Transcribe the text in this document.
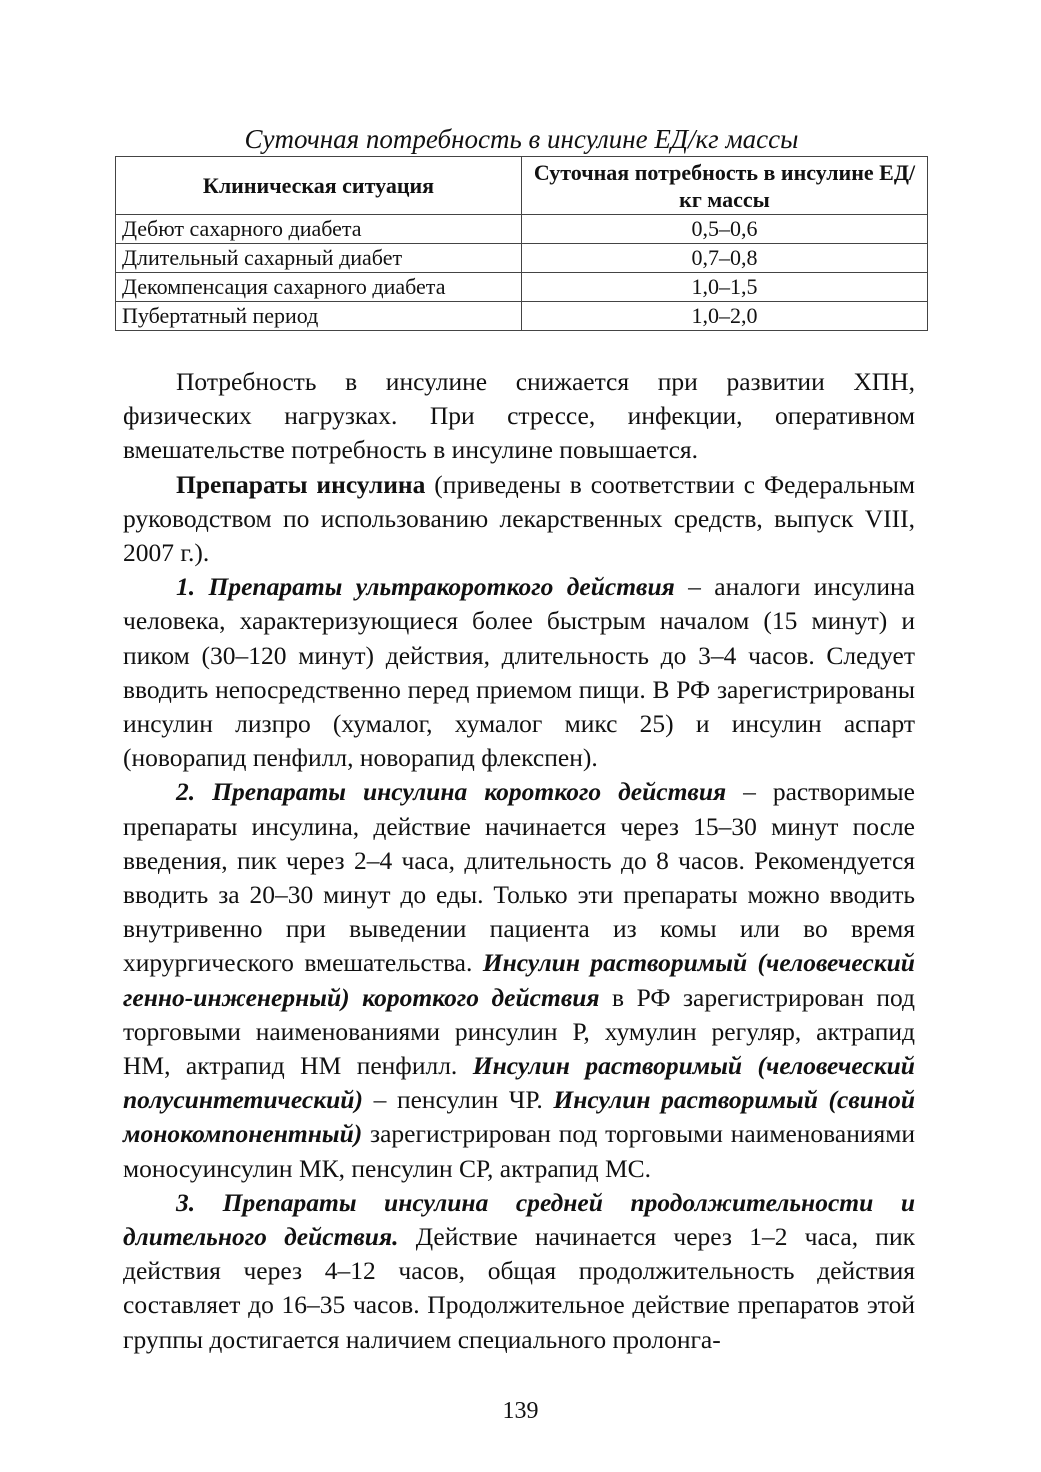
Суточная потребность в инсулине ЕД/кг массы
Клиническая ситуация	Суточная потребность в инсулине ЕД/кг массы
Дебют сахарного диабета	0,5–0,6
Длительный сахарный диабет	0,7–0,8
Декомпенсация сахарного диабета	1,0–1,5
Пубертатный период	1,0–2,0

Потребность в инсулине снижается при развитии ХПН, физических нагрузках. При стрессе, инфекции, оперативном вмешательстве потребность в инсулине повышается.

Препараты инсулина (приведены в соответствии с Федеральным руководством по использованию лекарственных средств, выпуск VIII, 2007 г.).

1. Препараты ультракороткого действия – аналоги инсулина человека, характеризующиеся более быстрым началом (15 минут) и пиком (30–120 минут) действия, длительность до 3–4 часов. Следует вводить непосредственно перед приемом пищи. В РФ зарегистрированы инсулин лизпро (хумалог, хумалог микс 25) и инсулин аспарт (новорапид пенфилл, новорапид флекспен).

2. Препараты инсулина короткого действия – растворимые препараты инсулина, действие начинается через 15–30 минут после введения, пик через 2–4 часа, длительность до 8 часов. Рекомендуется вводить за 20–30 минут до еды. Только эти препараты можно вводить внутривенно при выведении пациента из комы или во время хирургического вмешательства. Инсулин растворимый (человеческий генно-инженерный) короткого действия в РФ зарегистрирован под торговыми наименованиями ринсулин Р, хумулин регуляр, актрапид НМ, актрапид НМ пенфилл. Инсулин растворимый (человеческий полусинтетический) – пенсулин ЧР. Инсулин растворимый (свиной монокомпонентный) зарегистрирован под торговыми наименованиями моносуинсулин МК, пенсулин СР, актрапид МС.

3. Препараты инсулина средней продолжительности и длительного действия. Действие начинается через 1–2 часа, пик действия через 4–12 часов, общая продолжительность действия составляет до 16–35 часов. Продолжительное действие препаратов этой группы достигается наличием специального пролонга-

139
